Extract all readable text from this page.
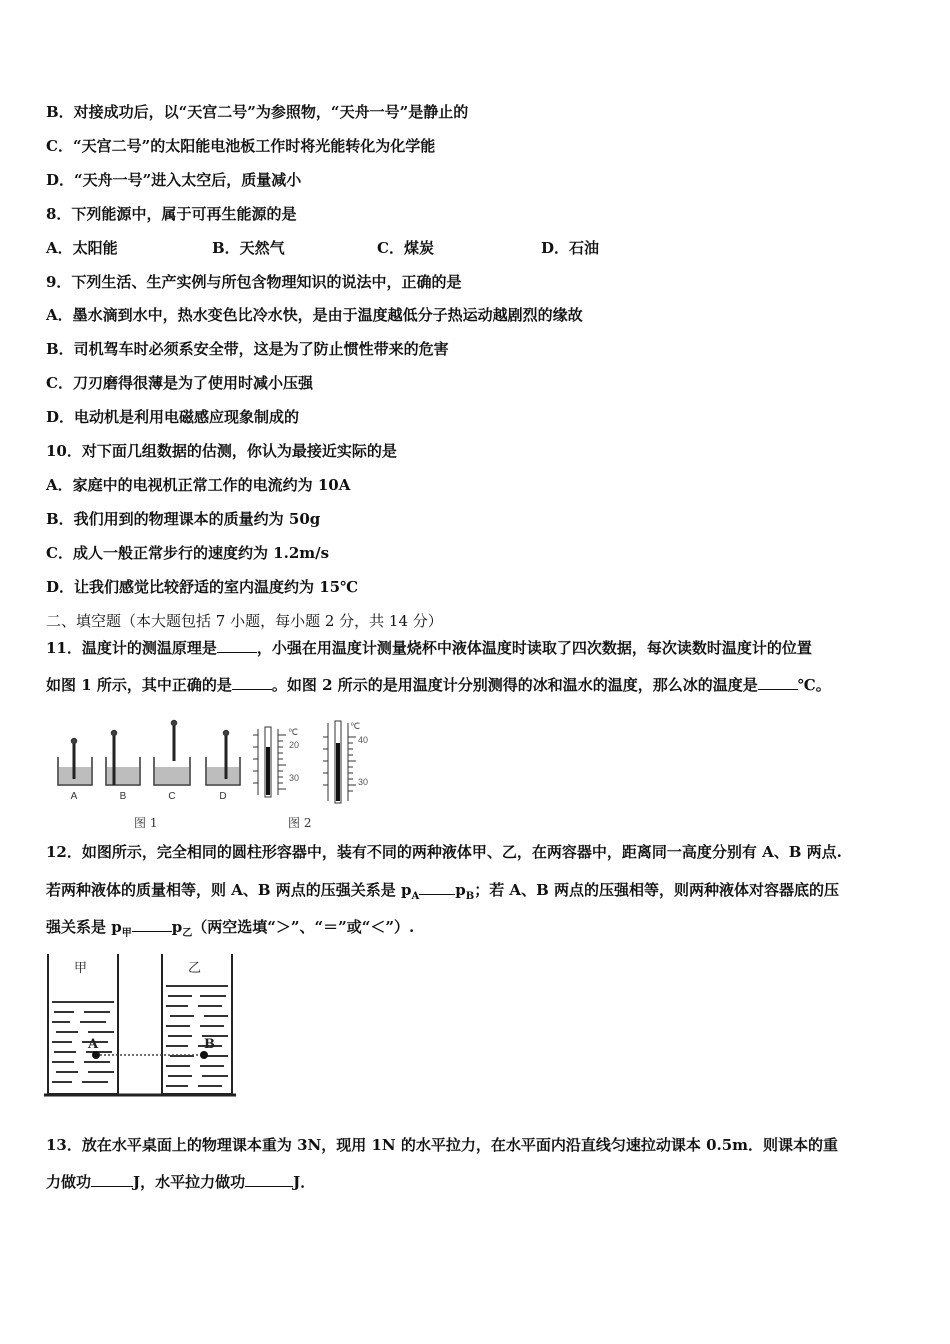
B．对接成功后，以“天宫二号”为参照物，“天舟一号”是静止的
C．“天宫二号”的太阳能电池板工作时将光能转化为化学能
D．“天舟一号”进入太空后，质量减小
8．下列能源中，属于可再生能源的是
A．太阳能	B．天然气	C．煤炭	D．石油
9．下列生活、生产实例与所包含物理知识的说法中，正确的是
A．墨水滴到水中，热水变色比冷水快，是由于温度越低分子热运动越剧烈的缘故
B．司机驾车时必须系安全带，这是为了防止惯性带来的危害
C．刀刃磨得很薄是为了使用时减小压强
D．电动机是利用电磁感应现象制成的
10．对下面几组数据的估测，你认为最接近实际的是
A．家庭中的电视机正常工作的电流约为 10A
B．我们用到的物理课本的质量约为 50g
C．成人一般正常步行的速度约为 1.2m/s
D．让我们感觉比较舒适的室内温度约为 15℃
二、填空题（本大题包括 7 小题，每小题 2 分，共 14 分）
11．温度计的测温原理是	，小强在用温度计测量烧杯中液体温度时读取了四次数据，每次读数时温度计的位置
如图 1 所示，其中正确的是	。如图 2 所示的是用温度计分别测得的冰和温水的温度，那么冰的温度是	℃。
A	B	C	D
℃
20
30
℃
40
30
图 1	图 2
12．如图所示，完全相同的圆柱形容器中，装有不同的两种液体甲、乙，在两容器中，距离同一高度分别有 A、B 两点.
若两种液体的质量相等，则 A、B 两点的压强关系是 $p_A$ $p_B$；若 A、B 两点的压强相等，则两种液体对容器底的压
强关系是 $p_甲$	$p_乙$（两空选填“＞”、“＝”或“＜”）.
甲	乙
A	B
13．放在水平桌面上的物理课本重为 3N，现用 1N 的水平拉力，在水平面内沿直线匀速拉动课本 0.5m．则课本的重
力做功	J，水平拉力做功	J．
